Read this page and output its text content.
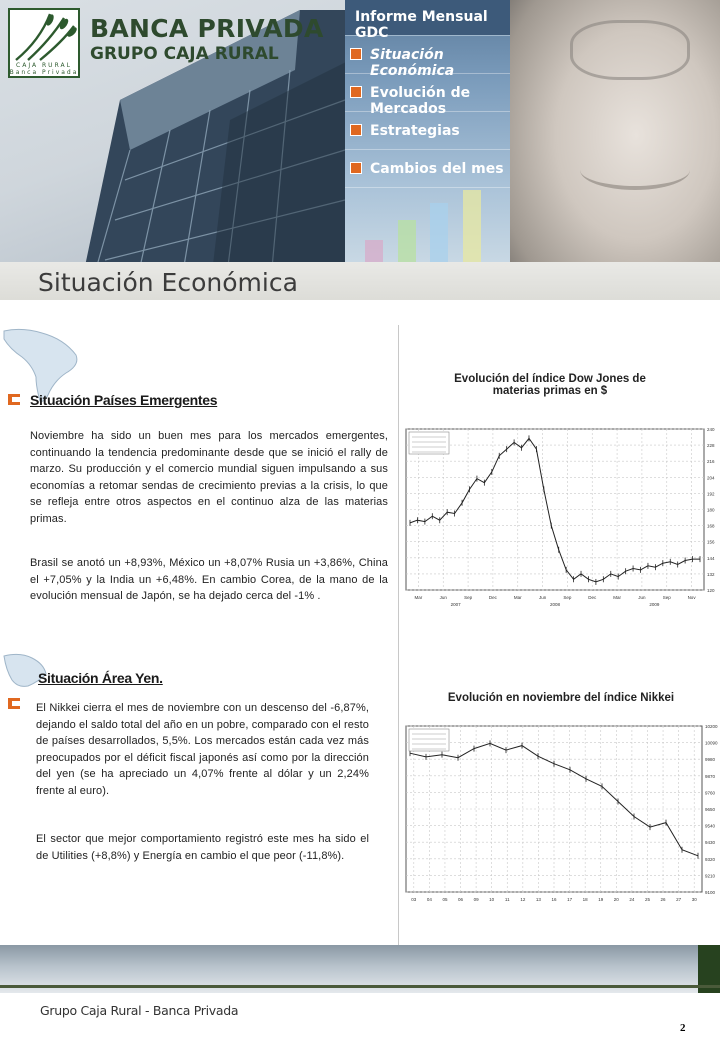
CAJA RURAL
Banca Privada
BANCA PRIVADA
GRUPO CAJA RURAL
Informe Mensual GDC
Situación Económica
Evolución de Mercados
Estrategias
Cambios del mes
Situación Económica
Situación Países Emergentes
Noviembre ha sido un buen mes para los mercados emergentes, continuando la tendencia predominante desde que se inició el rally de marzo. Su producción y el comercio mundial siguen impulsando a sus economías a retomar sendas de crecimiento previas a la crisis, lo que se refleja entre otros aspectos en el continuo alza de las materias primas.
Brasil se anotó un +8,93%, México un +8,07% Rusia un +3,86%, China el +7,05% y la India un +6,48%. En cambio Corea, de la mano de la evolución mensual de Japón, se ha dejado cerca del -1% .
Situación Área Yen.
El Nikkei cierra el mes de noviembre con un descenso del -6,87%, dejando el saldo total del año en un pobre, comparado con el resto de países desarrollados, 5,5%. Los mercados están cada vez más preocupados por el déficit fiscal japonés así como por la dirección del yen (se ha apreciado un 4,07% frente al dólar y un 2,24% frente al euro).
El sector que mejor comportamiento registró este mes ha sido el de Utilities (+8,8%) y Energía en cambio el que peor (-11,8%).
Evolución del índice Dow Jones de materias primas en $
Mar	Jun	Sep	Dec	Mar	Jun	Sep	Dec	Mar	Jun	Sep	Nov
240
228
216
204
192
180
168
156
144
132
120
2007	2008	2009
Evolución en noviembre del índice Nikkei
03 04 05 06 09 10 11 12 13 16 17 18 19 20 24 25 26 27 30
10200
10090
9980
9870
9760
9650
9540
9430
9320
9210
9100
Grupo Caja Rural - Banca Privada
2
